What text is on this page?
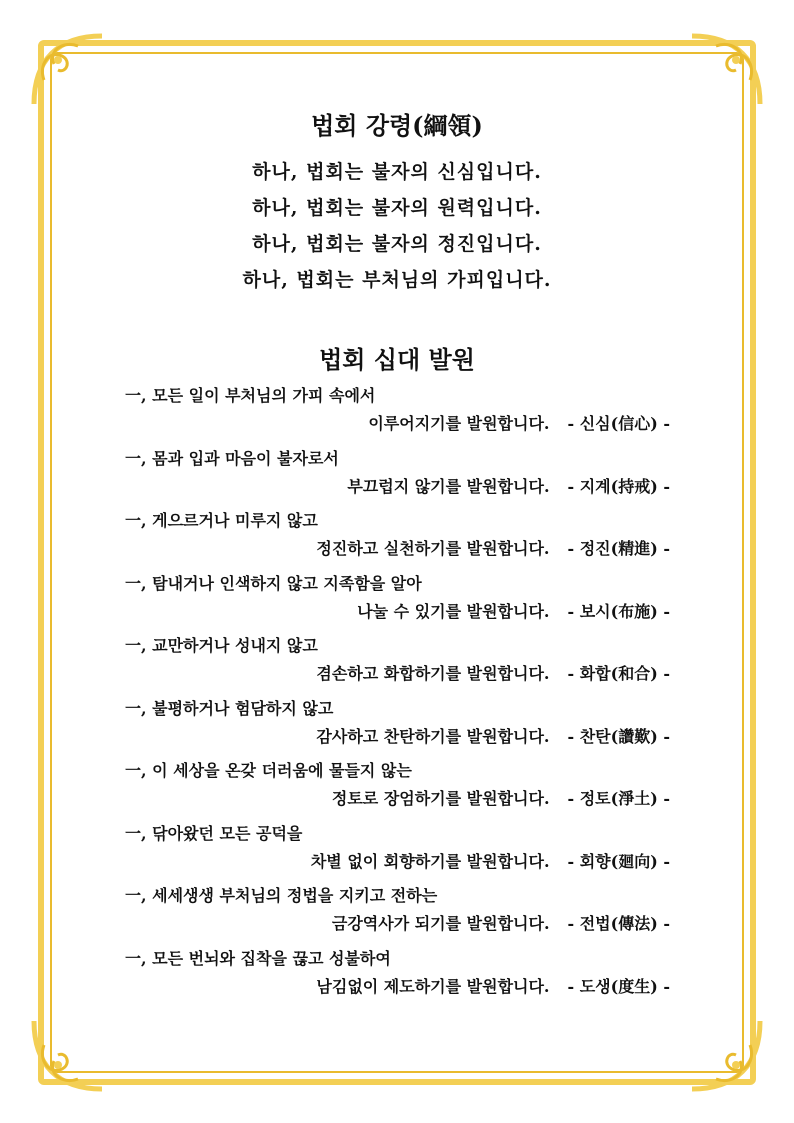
법회 강령(綱領)
하나, 법회는 불자의 신심입니다.
하나, 법회는 불자의 원력입니다.
하나, 법회는 불자의 정진입니다.
하나, 법회는 부처님의 가피입니다.
법회 십대 발원
一, 모든 일이 부처님의 가피 속에서
이루어지기를 발원합니다. - 신심(信心) -
一, 몸과 입과 마음이 불자로서
부끄럽지 않기를 발원합니다. - 지계(持戒) -
一, 게으르거나 미루지 않고
정진하고 실천하기를 발원합니다. - 정진(精進) -
一, 탐내거나 인색하지 않고 지족함을 알아
나눌 수 있기를 발원합니다. - 보시(布施) -
一, 교만하거나 성내지 않고
겸손하고 화합하기를 발원합니다. - 화합(和合) -
一, 불평하거나 험담하지 않고
감사하고 찬탄하기를 발원합니다. - 찬탄(讚歎) -
一, 이 세상을 온갖 더러움에 물들지 않는
정토로 장엄하기를 발원합니다. - 정토(淨土) -
一, 닦아왔던 모든 공덕을
차별 없이 회향하기를 발원합니다. - 회향(廻向) -
一, 세세생생 부처님의 정법을 지키고 전하는
금강역사가 되기를 발원합니다. - 전법(傳法) -
一, 모든 번뇌와 집착을 끊고 성불하여
남김없이 제도하기를 발원합니다. - 도생(度生) -
